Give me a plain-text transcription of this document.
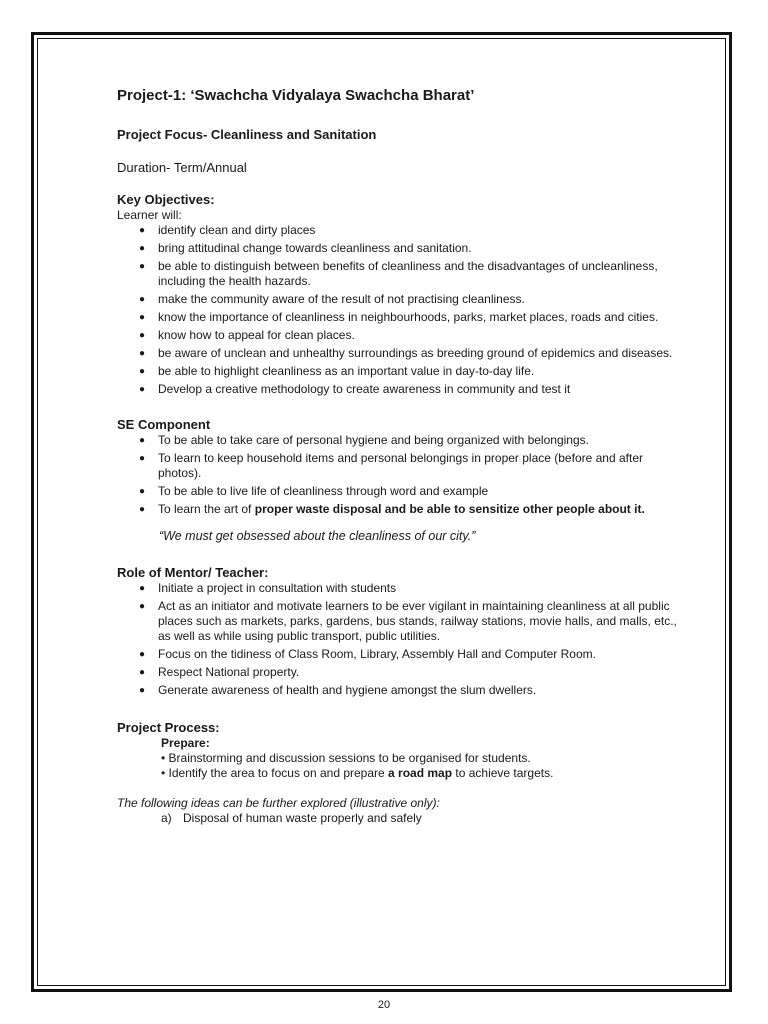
Project-1: ‘Swachcha Vidyalaya Swachcha Bharat’

Project Focus- Cleanliness and Sanitation

Duration- Term/Annual

Key Objectives:

Learner will:

● identify clean and dirty places
● bring attitudinal change towards cleanliness and sanitation.
● be able to distinguish between benefits of cleanliness and the disadvantages of uncleanliness, including the health hazards.
● make the community aware of the result of not practising cleanliness.
● know the importance of cleanliness in neighbourhoods, parks, market places, roads and cities.
● know how to appeal for clean places.
● be aware of unclean and unhealthy surroundings as breeding ground of epidemics and diseases.
● be able to highlight cleanliness as an important value in day-to-day life.
● Develop a creative methodology to create awareness in community and test it

SE Component

● To be able to take care of personal hygiene and being organized with belongings.
● To learn to keep household items and personal belongings in proper place (before and after photos).
● To be able to live life of cleanliness through word and example
● To learn the art of proper waste disposal and be able to sensitize other people about it.

“We must get obsessed about the cleanliness of our city.”

Role of Mentor/ Teacher:

● Initiate a project in consultation with students
● Act as an initiator and motivate learners to be ever vigilant in maintaining cleanliness at all public places such as markets, parks, gardens, bus stands, railway stations, movie halls, and malls, etc., as well as while using public transport, public utilities.
● Focus on the tidiness of Class Room, Library, Assembly Hall and Computer Room.
● Respect National property.
● Generate awareness of health and hygiene amongst the slum dwellers.

Project Process:

Prepare:

• Brainstorming and discussion sessions to be organised for students.

• Identify the area to focus on and prepare a road map to achieve targets.

The following ideas can be further explored (illustrative only):

a) Disposal of human waste properly and safely

20
